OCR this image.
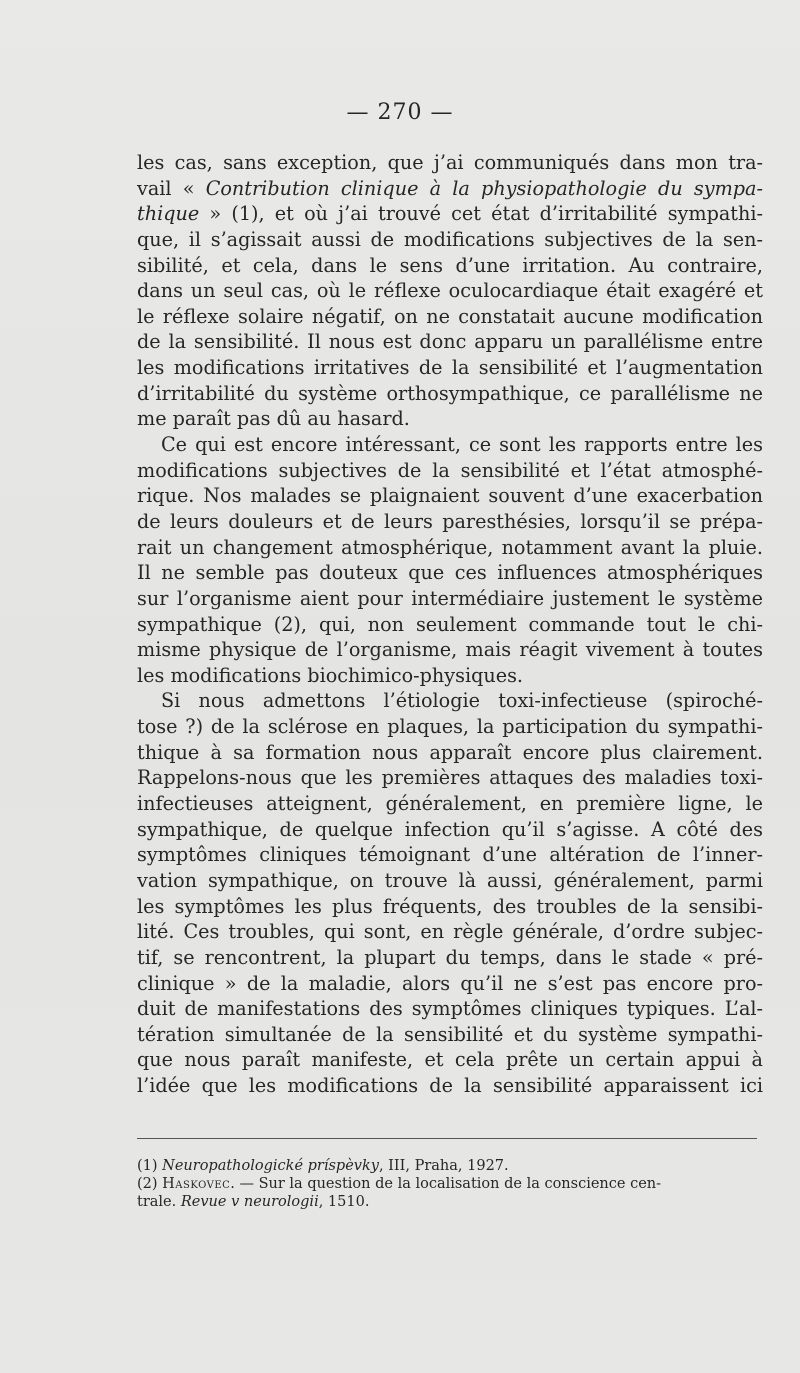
— 270 —
les cas, sans exception, que j’ai communiqués dans mon tra-
vail « Contribution clinique à la physiopathologie du sympa-
thique » (1), et où j’ai trouvé cet état d’irritabilité sympathi-
que, il s’agissait aussi de modifications subjectives de la sen-
sibilité, et cela, dans le sens d’une irritation. Au contraire,
dans un seul cas, où le réflexe oculocardiaque était exagéré et
le réflexe solaire négatif, on ne constatait aucune modification
de la sensibilité. Il nous est donc apparu un parallélisme entre
les modifications irritatives de la sensibilité et l’augmentation
d’irritabilité du système orthosympathique, ce parallélisme ne
me paraît pas dû au hasard.
Ce qui est encore intéressant, ce sont les rapports entre les
modifications subjectives de la sensibilité et l’état atmosphé-
rique. Nos malades se plaignaient souvent d’une exacerbation
de leurs douleurs et de leurs paresthésies, lorsqu’il se prépa-
rait un changement atmosphérique, notamment avant la pluie.
Il ne semble pas douteux que ces influences atmosphériques
sur l’organisme aient pour intermédiaire justement le système
sympathique (2), qui, non seulement commande tout le chi-
misme physique de l’organisme, mais réagit vivement à toutes
les modifications biochimico-physiques.
Si nous admettons l’étiologie toxi-infectieuse (spiroché-
tose ?) de la sclérose en plaques, la participation du sympathi-
thique à sa formation nous apparaît encore plus clairement.
Rappelons-nous que les premières attaques des maladies toxi-
infectieuses atteignent, généralement, en première ligne, le
sympathique, de quelque infection qu’il s’agisse. A côté des
symptômes cliniques témoignant d’une altération de l’inner-
vation sympathique, on trouve là aussi, généralement, parmi
les symptômes les plus fréquents, des troubles de la sensibi-
lité. Ces troubles, qui sont, en règle générale, d’ordre subjec-
tif, se rencontrent, la plupart du temps, dans le stade « pré-
clinique » de la maladie, alors qu’il ne s’est pas encore pro-
duit de manifestations des symptômes cliniques typiques. L’al-
tération simultanée de la sensibilité et du système sympathi-
que nous paraît manifeste, et cela prête un certain appui à
l’idée que les modifications de la sensibilité apparaissent ici
(1) Neuropathologické príspèvky, III, Praha, 1927.
(2) Haskovec. — Sur la question de la localisation de la conscience cen-
trale. Revue v neurologii, 1510.
